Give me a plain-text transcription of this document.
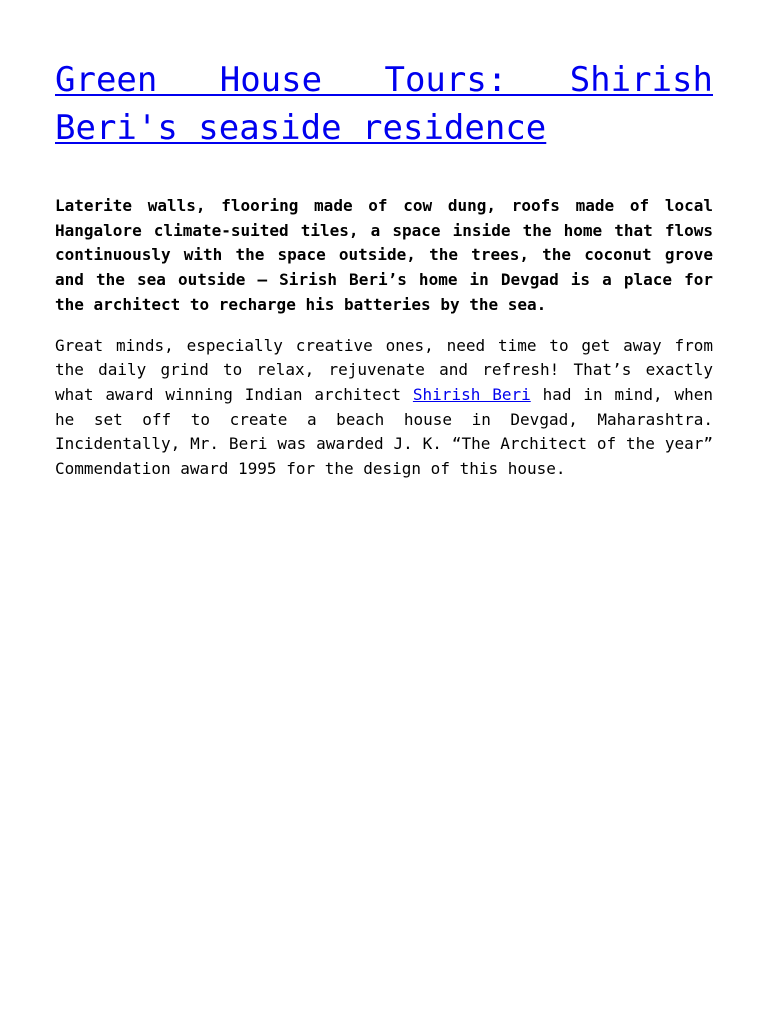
Green House Tours: Shirish Beri's seaside residence

Laterite walls, flooring made of cow dung, roofs made of local Hangalore climate-suited tiles, a space inside the home that flows continuously with the space outside, the trees, the coconut grove and the sea outside – Sirish Beri’s home in Devgad is a place for the architect to recharge his batteries by the sea.

Great minds, especially creative ones, need time to get away from the daily grind to relax, rejuvenate and refresh! That’s exactly what award winning Indian architect Shirish Beri had in mind, when he set off to create a beach house in Devgad, Maharashtra. Incidentally, Mr. Beri was awarded J. K. “The Architect of the year” Commendation award 1995 for the design of this house.
